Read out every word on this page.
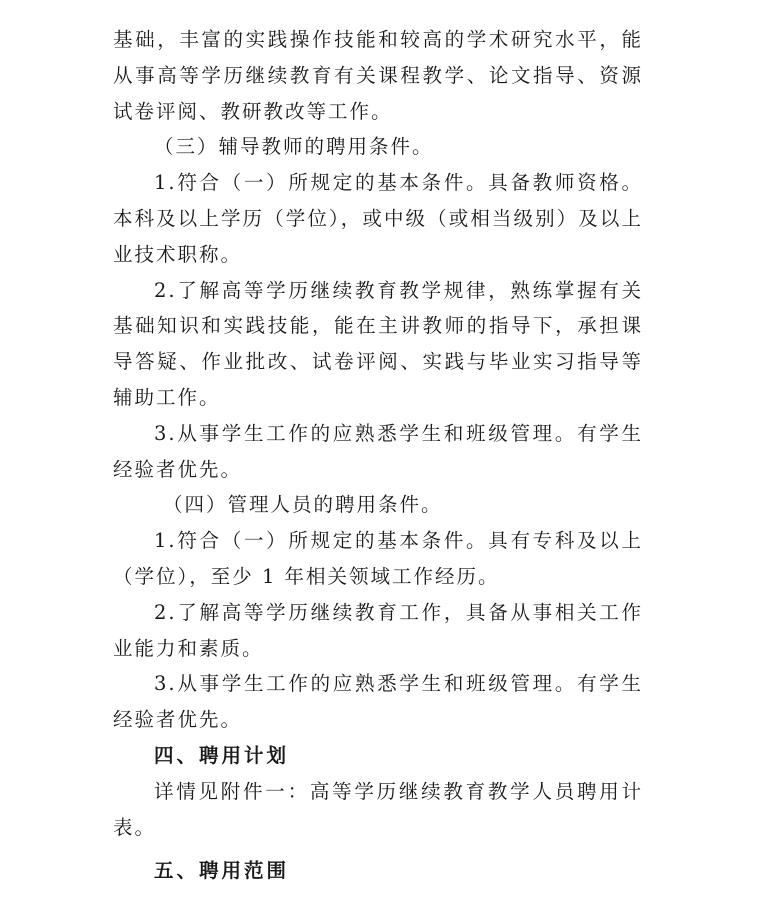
基础，丰富的实践操作技能和较高的学术研究水平，能
从事高等学历继续教育有关课程教学、论文指导、资源
试卷评阅、教研教改等工作。
（三）辅导教师的聘用条件。
1.符合（一）所规定的基本条件。具备教师资格。
本科及以上学历（学位），或中级（或相当级别）及以上
业技术职称。
2.了解高等学历继续教育教学规律，熟练掌握有关
基础知识和实践技能，能在主讲教师的指导下，承担课
导答疑、作业批改、试卷评阅、实践与毕业实习指导等
辅助工作。
3.从事学生工作的应熟悉学生和班级管理。有学生
经验者优先。
（四）管理人员的聘用条件。
1.符合（一）所规定的基本条件。具有专科及以上
（学位），至少 1 年相关领域工作经历。
2.了解高等学历继续教育工作，具备从事相关工作
业能力和素质。
3.从事学生工作的应熟悉学生和班级管理。有学生
经验者优先。
四、聘用计划
详情见附件一：高等学历继续教育教学人员聘用计
表。
五、聘用范围
